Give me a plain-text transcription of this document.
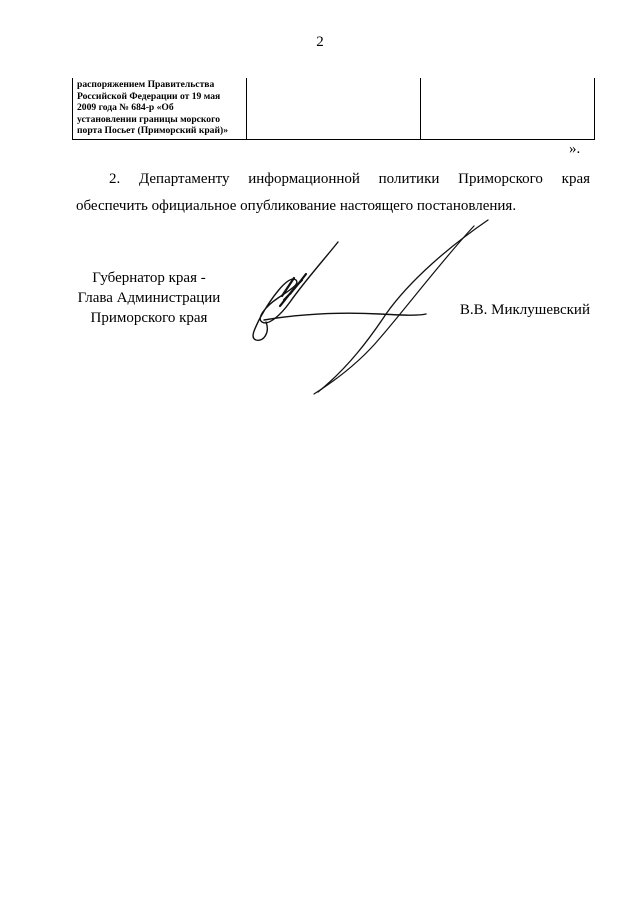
2
распоряжением Правительства
Российской Федерации от 19 мая
2009 года № 684-р «Об
установлении границы морского
порта Посьет (Приморский край)»

».
2. Департаменту информационной политики Приморского края обеспечить официальное опубликование настоящего постановления.
Губернатор края -
Глава Администрации
Приморского края	В.В. Миклушевский
